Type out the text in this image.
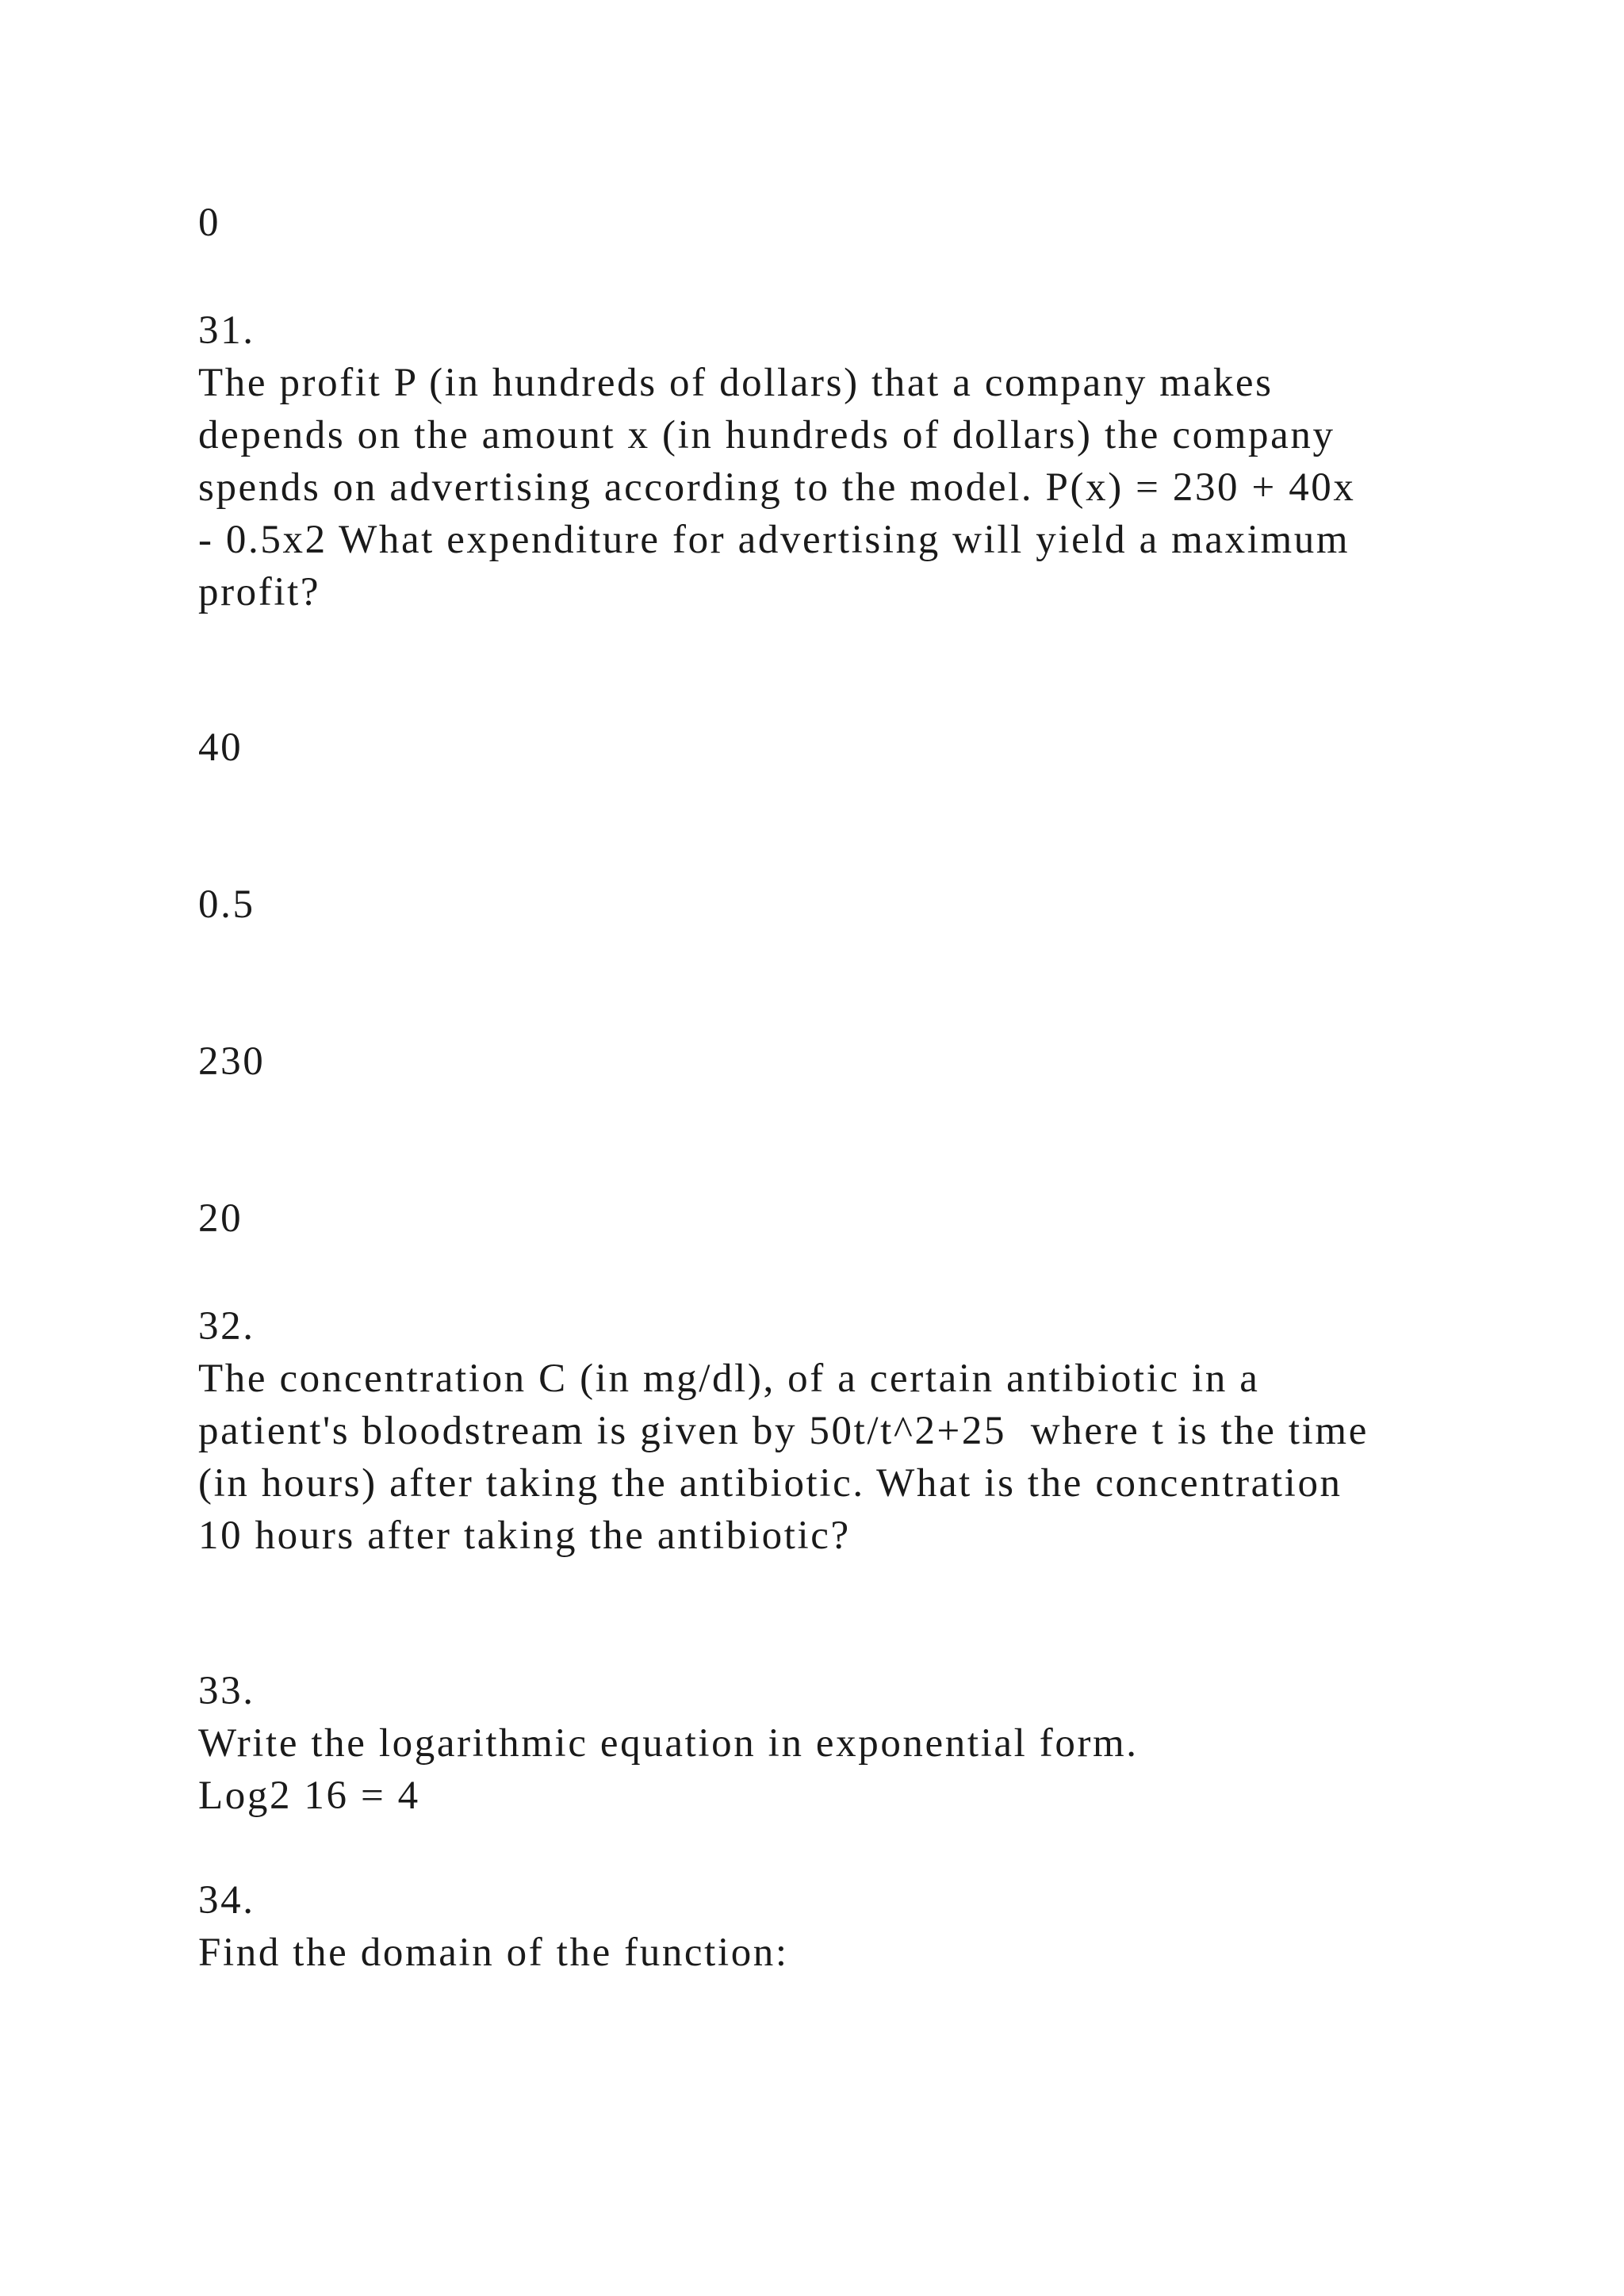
0

31.

The profit P (in hundreds of dollars) that a company makes

depends on the amount x (in hundreds of dollars) the company

spends on advertising according to the model. P(x) = 230 + 40x

- 0.5x2 What expenditure for advertising will yield a maximum

profit?

40

0.5

230

20

32.

The concentration C (in mg/dl), of a certain antibiotic in a

patient's bloodstream is given by 50t/t^2+25  where t is the time

(in hours) after taking the antibiotic. What is the concentration

10 hours after taking the antibiotic?

33.

Write the logarithmic equation in exponential form.

Log2 16 = 4

34.

Find the domain of the function:
